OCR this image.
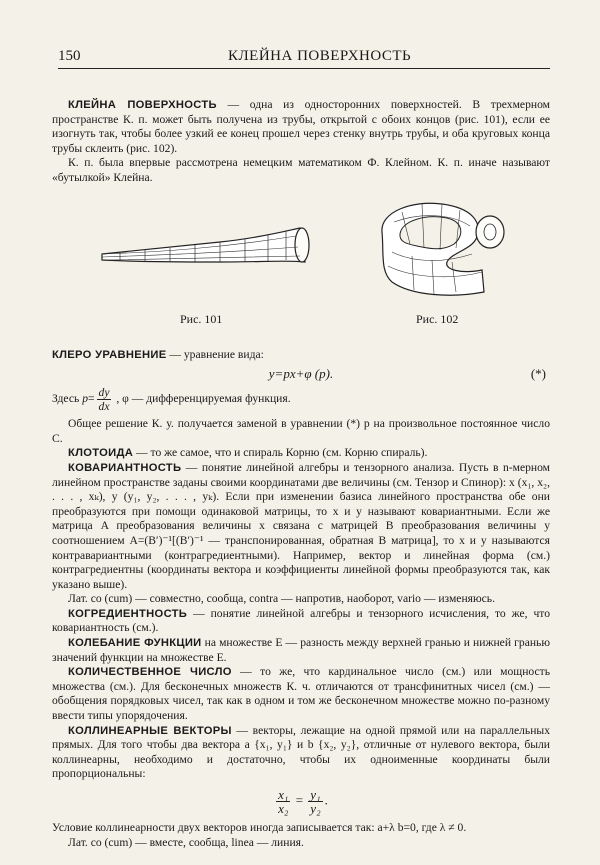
150	КЛЕЙНА ПОВЕРХНОСТЬ

КЛЕЙНА ПОВЕРХНОСТЬ — одна из односторонних поверхностей. В трехмерном пространстве К. п. может быть получена из трубы, открытой с обоих концов (рис. 101), если ее изогнуть так, чтобы более узкий ее конец прошел через стенку внутрь трубы, и оба круговых конца трубы склеить (рис. 102).

К. п. была впервые рассмотрена немецким математиком Ф. Клейном. К. п. иначе называют «бутылкой» Клейна.

Рис. 101	Рис. 102

КЛЕРО УРАВНЕНИЕ — уравнение вида:

y=px+φ (p).	(*)

Здесь $p= \frac{dy}{dx}$ , φ — дифференцируемая функция.

Общее решение К. у. получается заменой в уравнении (*) p на произвольное постоянное число C.

КЛОТОИДА — то же самое, что и спираль Корню (см. Корню спираль).

КОВАРИАНТНОСТЬ — понятие линейной алгебры и тензорного анализа. Пусть в n-мерном линейном пространстве заданы своими координатами две величины (см. Тензор и Спинор): x (x₁, x₂, . . . , xₖ), y (y₁, y₂, . . . , yₖ). Если при изменении базиса линейного пространства обе они преобразуются при помощи одинаковой матрицы, то x и y называют ковариантными. Если же матрица A преобразования величины x связана с матрицей B преобразования величины y соотношением A=(B′)⁻¹[(B′)⁻¹ — транспонированная, обратная B матрица], то x и y называются контравариантными (контрагредиентными). Например, вектор и линейная форма (см.) контрагредиентны (координаты вектора и коэффициенты линейной формы преобразуются так, как указано выше).

Лат. co (cum) — совместно, сообща, contra — напротив, наоборот, vario — изменяюсь.

КОГРЕДИЕНТНОСТЬ — понятие линейной алгебры и тензорного исчисления, то же, что ковариантность (см.).

КОЛЕБАНИЕ ФУНКЦИИ на множестве E — разность между верхней гранью и нижней гранью значений функции на множестве E.

КОЛИЧЕСТВЕННОЕ ЧИСЛО — то же, что кардинальное число (см.) или мощность множества (см.). Для бесконечных множеств К. ч. отличаются от трансфинитных чисел (см.) — обобщения порядковых чисел, так как в одном и том же бесконечном множестве можно по-разному ввести типы упорядочения.

КОЛЛИНЕАРНЫЕ ВЕКТОРЫ — векторы, лежащие на одной прямой или на параллельных прямых. Для того чтобы два вектора a {x₁, y₁} и b {x₂, y₂}, отличные от нулевого вектора, были коллинеарны, необходимо и достаточно, чтобы их одноименные координаты были пропорциональны:

$\frac{\text{x₁}}{\text{x₂}} = \frac{\text{y₁}}{\text{y₂}}$ .

Условие коллинеарности двух векторов иногда записывается так: a+λ b=0, где λ ≠ 0.

Лат. co (cum) — вместе, сообща, linea — линия.
